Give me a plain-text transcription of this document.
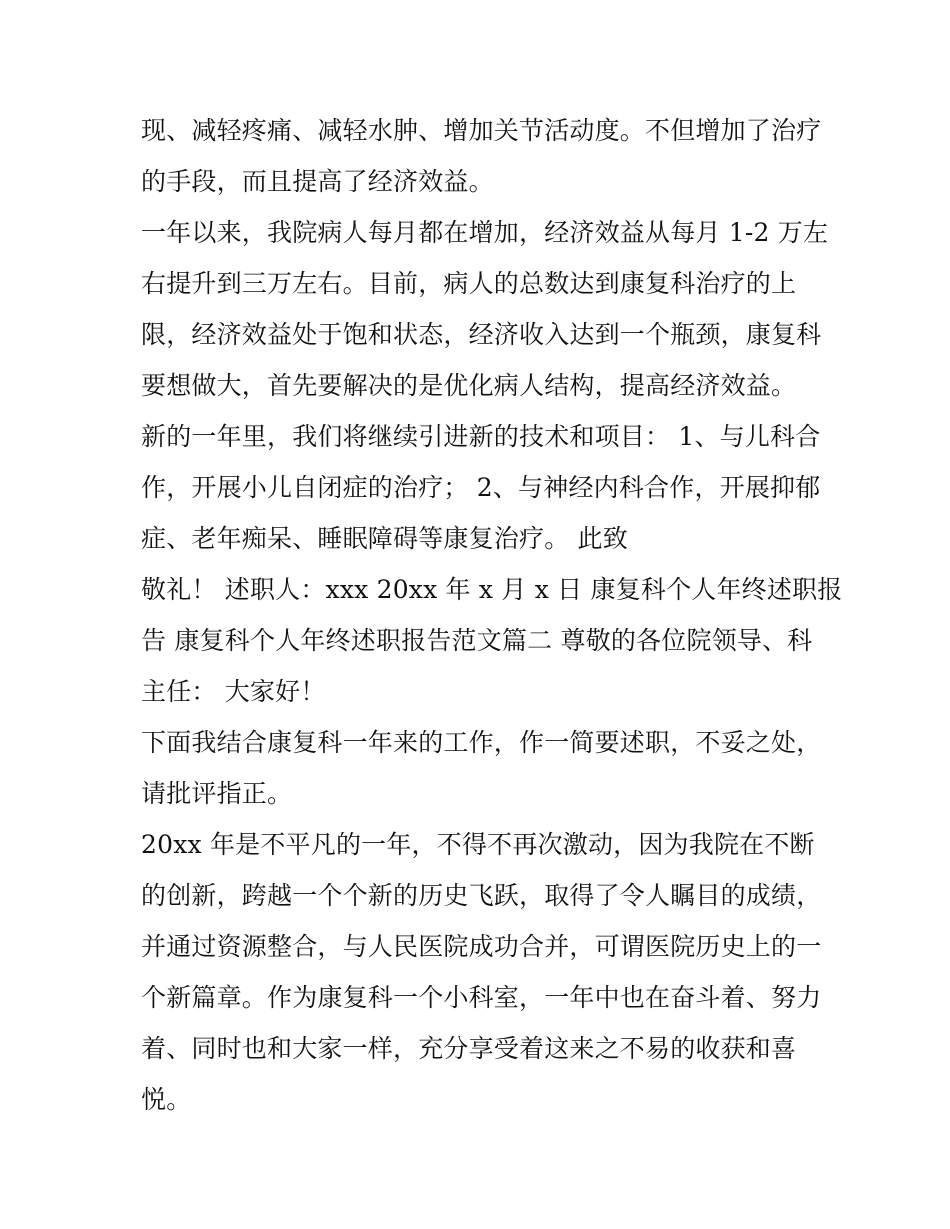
现、减轻疼痛、减轻水肿、增加关节活动度。不但增加了治疗
的手段，而且提高了经济效益。
一年以来，我院病人每月都在增加，经济效益从每月 1-2 万左
右提升到三万左右。目前，病人的总数达到康复科治疗的上
限，经济效益处于饱和状态，经济收入达到一个瓶颈，康复科
要想做大，首先要解决的是优化病人结构，提高经济效益。
新的一年里，我们将继续引进新的技术和项目： 1、与儿科合
作，开展小儿自闭症的治疗； 2、与神经内科合作，开展抑郁
症、老年痴呆、睡眠障碍等康复治疗。 此致
敬礼！ 述职人：xxx 20xx 年 x 月 x 日 康复科个人年终述职报
告 康复科个人年终述职报告范文篇二 尊敬的各位院领导、科
主任： 大家好！
下面我结合康复科一年来的工作，作一简要述职，不妥之处，
请批评指正。
20xx 年是不平凡的一年，不得不再次激动，因为我院在不断
的创新，跨越一个个新的历史飞跃，取得了令人瞩目的成绩，
并通过资源整合，与人民医院成功合并，可谓医院历史上的一
个新篇章。作为康复科一个小科室，一年中也在奋斗着、努力
着、同时也和大家一样，充分享受着这来之不易的收获和喜
悦。
